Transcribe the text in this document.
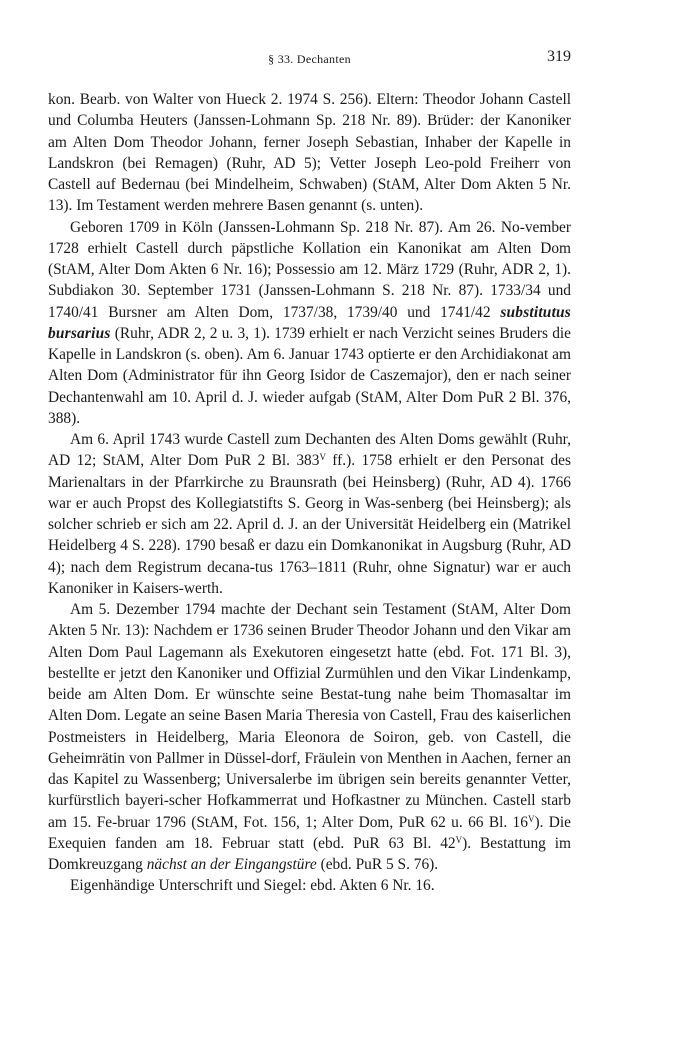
§ 33. Dechanten	319

kon. Bearb. von Walter von Hueck 2. 1974 S. 256). Eltern: Theodor Johann Castell und Columba Heuters (Janssen-Lohmann Sp. 218 Nr. 89). Brüder: der Kanoniker am Alten Dom Theodor Johann, ferner Joseph Sebastian, Inhaber der Kapelle in Landskron (bei Remagen) (Ruhr, AD 5); Vetter Joseph Leo-pold Freiherr von Castell auf Bedernau (bei Mindelheim, Schwaben) (StAM, Alter Dom Akten 5 Nr. 13). Im Testament werden mehrere Basen genannt (s. unten).

Geboren 1709 in Köln (Janssen-Lohmann Sp. 218 Nr. 87). Am 26. No-vember 1728 erhielt Castell durch päpstliche Kollation ein Kanonikat am Alten Dom (StAM, Alter Dom Akten 6 Nr. 16); Possessio am 12. März 1729 (Ruhr, ADR 2, 1). Subdiakon 30. September 1731 (Janssen-Lohmann S. 218 Nr. 87). 1733/34 und 1740/41 Bursner am Alten Dom, 1737/38, 1739/40 und 1741/42 substitutus bursarius (Ruhr, ADR 2, 2 u. 3, 1). 1739 erhielt er nach Verzicht seines Bruders die Kapelle in Landskron (s. oben). Am 6. Januar 1743 optierte er den Archidiakonat am Alten Dom (Administrator für ihn Georg Isidor de Caszemajor), den er nach seiner Dechantenwahl am 10. April d. J. wieder aufgab (StAM, Alter Dom PuR 2 Bl. 376, 388).

Am 6. April 1743 wurde Castell zum Dechanten des Alten Doms gewählt (Ruhr, AD 12; StAM, Alter Dom PuR 2 Bl. $383^V$ ff.). 1758 erhielt er den Personat des Marienaltars in der Pfarrkirche zu Braunsrath (bei Heinsberg) (Ruhr, AD 4). 1766 war er auch Propst des Kollegiatstifts S. Georg in Was-senberg (bei Heinsberg); als solcher schrieb er sich am 22. April d. J. an der Universität Heidelberg ein (Matrikel Heidelberg 4 S. 228). 1790 besaß er dazu ein Domkanonikat in Augsburg (Ruhr, AD 4); nach dem Registrum decana-tus 1763–1811 (Ruhr, ohne Signatur) war er auch Kanoniker in Kaisers-werth.

Am 5. Dezember 1794 machte der Dechant sein Testament (StAM, Alter Dom Akten 5 Nr. 13): Nachdem er 1736 seinen Bruder Theodor Johann und den Vikar am Alten Dom Paul Lagemann als Exekutoren eingesetzt hatte (ebd. Fot. 171 Bl. 3), bestellte er jetzt den Kanoniker und Offizial Zurmühlen und den Vikar Lindenkamp, beide am Alten Dom. Er wünschte seine Bestat-tung nahe beim Thomasaltar im Alten Dom. Legate an seine Basen Maria Theresia von Castell, Frau des kaiserlichen Postmeisters in Heidelberg, Maria Eleonora de Soiron, geb. von Castell, die Geheimrätin von Pallmer in Düssel-dorf, Fräulein von Menthen in Aachen, ferner an das Kapitel zu Wassenberg; Universalerbe im übrigen sein bereits genannter Vetter, kurfürstlich bayeri-scher Hofkammerrat und Hofkastner zu München. Castell starb am 15. Fe-bruar 1796 (StAM, Fot. 156, 1; Alter Dom, PuR 62 u. 66 Bl. $16^V$). Die Exequien fanden am 18. Februar statt (ebd. PuR 63 Bl. $42^V$). Bestattung im Domkreuzgang nächst an der Eingangstüre (ebd. PuR 5 S. 76).

Eigenhändige Unterschrift und Siegel: ebd. Akten 6 Nr. 16.
